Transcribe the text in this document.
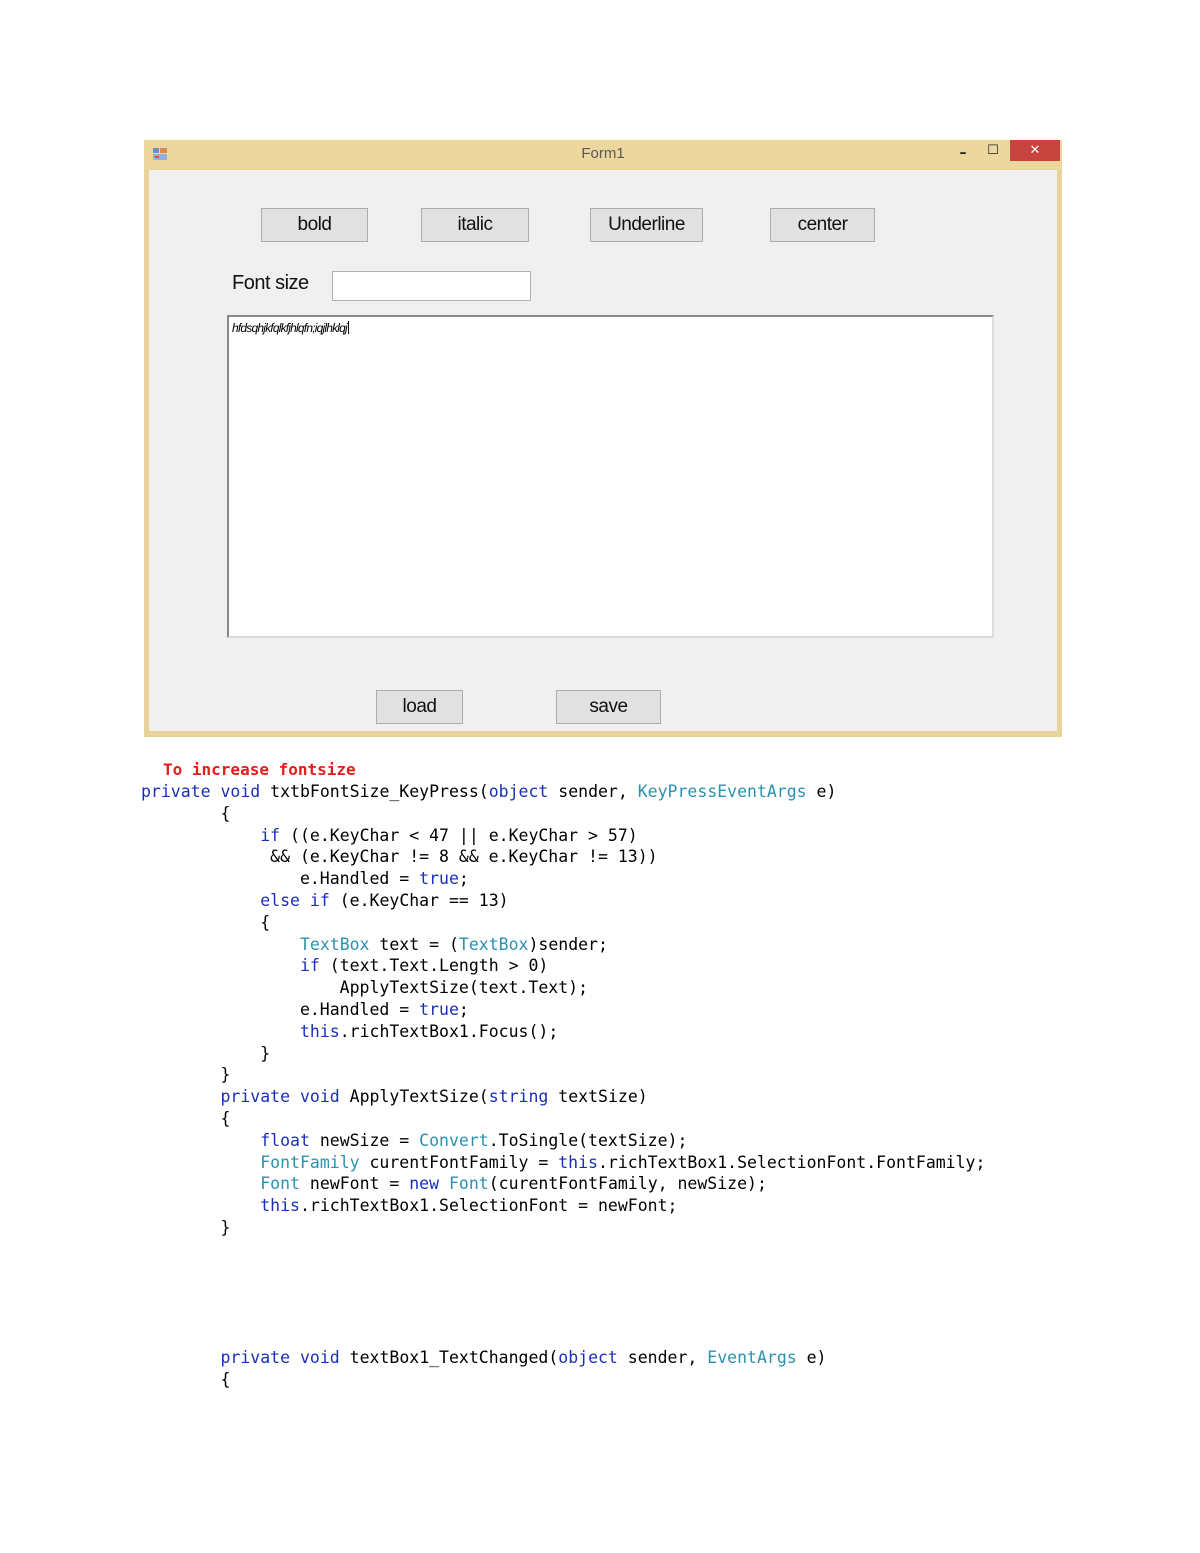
Form1	–	☐	✕
bold	italic	Underline	center
Font size
hfdsqhjkfqlkfjhlqfn;iqjlhklqj
load	save
To increase fontsize
private void txtbFontSize_KeyPress(object sender, KeyPressEventArgs e)
{
if ((e.KeyChar < 47 || e.KeyChar > 57)
&& (e.KeyChar != 8 && e.KeyChar != 13))
e.Handled = true;
else if (e.KeyChar == 13)
{
TextBox text = (TextBox)sender;
if (text.Text.Length > 0)
ApplyTextSize(text.Text);
e.Handled = true;
this.richTextBox1.Focus();
}
}
private void ApplyTextSize(string textSize)
{
float newSize = Convert.ToSingle(textSize);
FontFamily curentFontFamily = this.richTextBox1.SelectionFont.FontFamily;
Font newFont = new Font(curentFontFamily, newSize);
this.richTextBox1.SelectionFont = newFont;
}
private void textBox1_TextChanged(object sender, EventArgs e)
{
